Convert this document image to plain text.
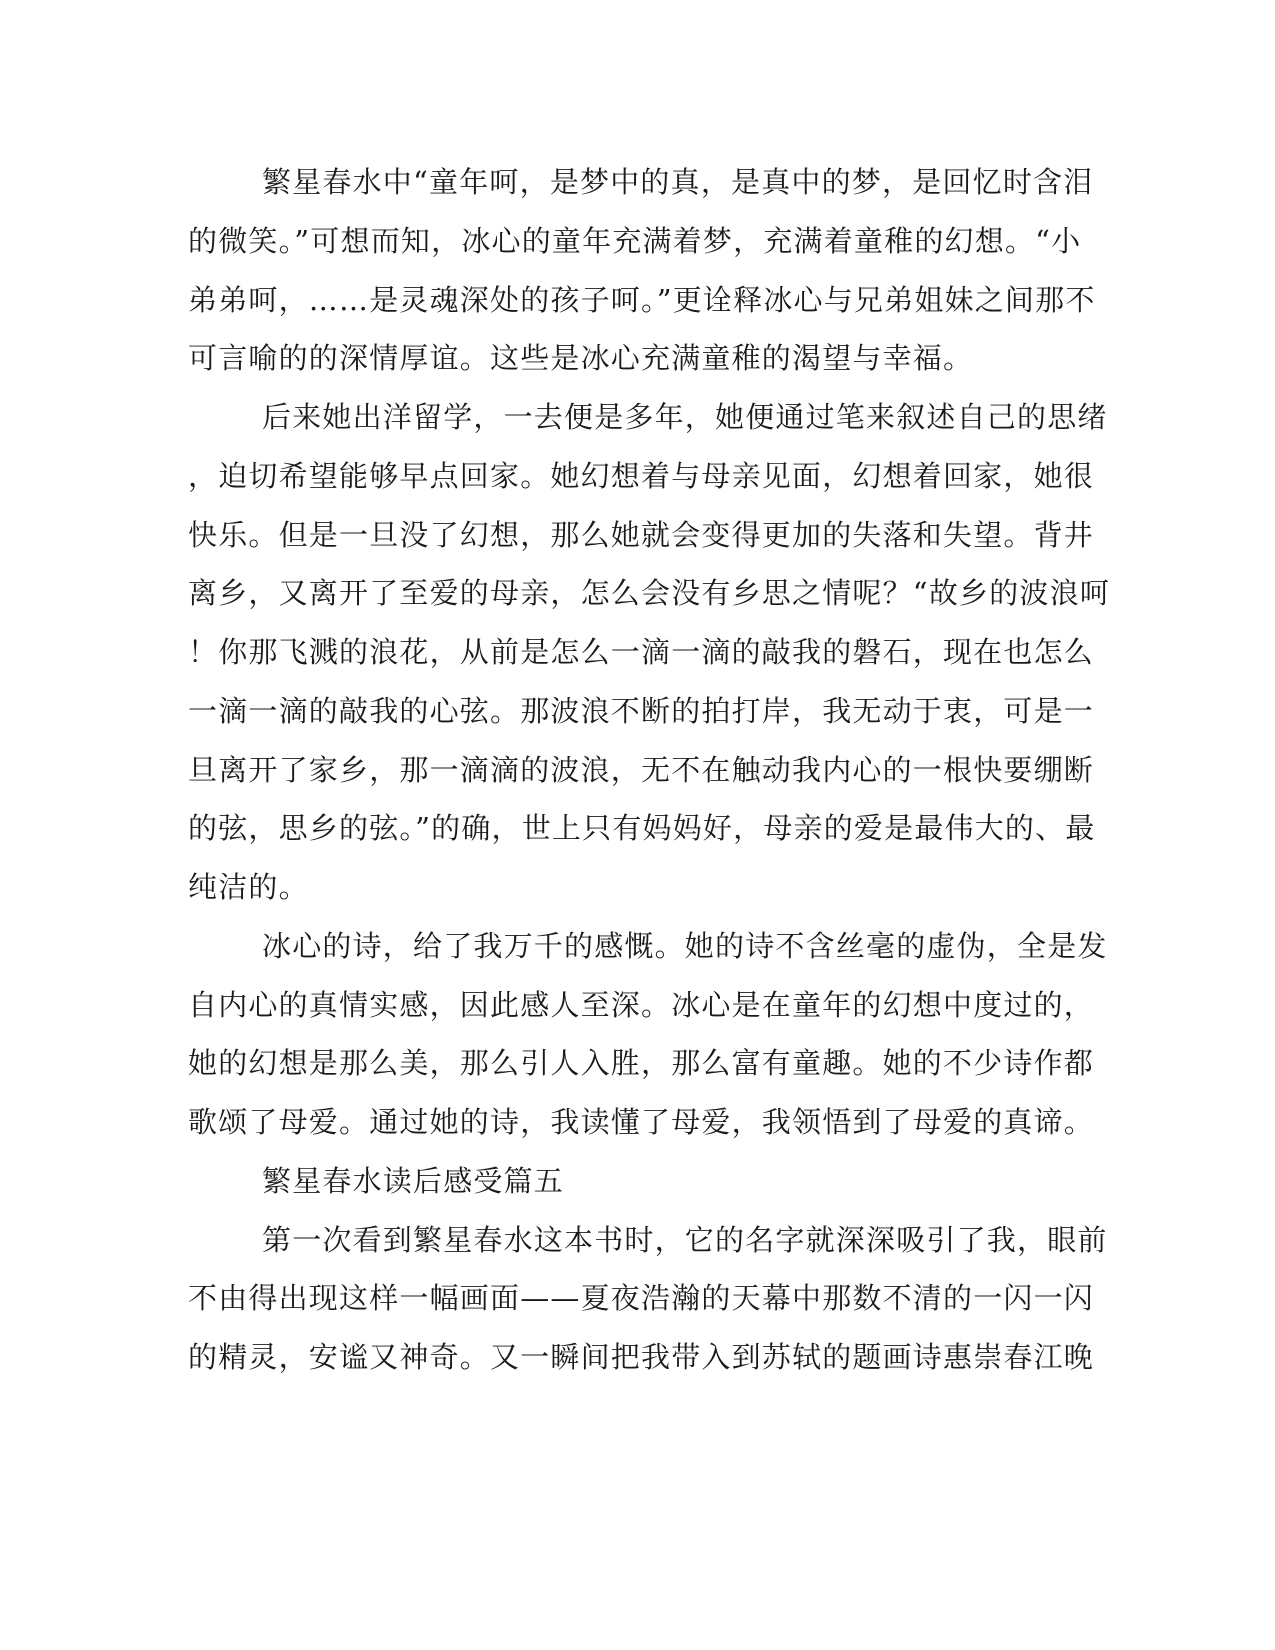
繁星春水中“童年呵，是梦中的真，是真中的梦，是回忆时含泪
的微笑。”可想而知，冰心的童年充满着梦，充满着童稚的幻想。“小
弟弟呵，……是灵魂深处的孩子呵。”更诠释冰心与兄弟姐妹之间那不
可言喻的的深情厚谊。这些是冰心充满童稚的渴望与幸福。
后来她出洋留学，一去便是多年，她便通过笔来叙述自己的思绪
，迫切希望能够早点回家。她幻想着与母亲见面，幻想着回家，她很
快乐。但是一旦没了幻想，那么她就会变得更加的失落和失望。背井
离乡，又离开了至爱的母亲，怎么会没有乡思之情呢？“故乡的波浪呵
！你那飞溅的浪花，从前是怎么一滴一滴的敲我的磐石，现在也怎么
一滴一滴的敲我的心弦。那波浪不断的拍打岸，我无动于衷，可是一
旦离开了家乡，那一滴滴的波浪，无不在触动我内心的一根快要绷断
的弦，思乡的弦。”的确，世上只有妈妈好，母亲的爱是最伟大的、最
纯洁的。
冰心的诗，给了我万千的感慨。她的诗不含丝毫的虚伪，全是发
自内心的真情实感，因此感人至深。冰心是在童年的幻想中度过的，
她的幻想是那么美，那么引人入胜，那么富有童趣。她的不少诗作都
歌颂了母爱。通过她的诗，我读懂了母爱，我领悟到了母爱的真谛。
繁星春水读后感受篇五
第一次看到繁星春水这本书时，它的名字就深深吸引了我，眼前
不由得出现这样一幅画面——夏夜浩瀚的天幕中那数不清的一闪一闪
的精灵，安谧又神奇。又一瞬间把我带入到苏轼的题画诗惠崇春江晚
